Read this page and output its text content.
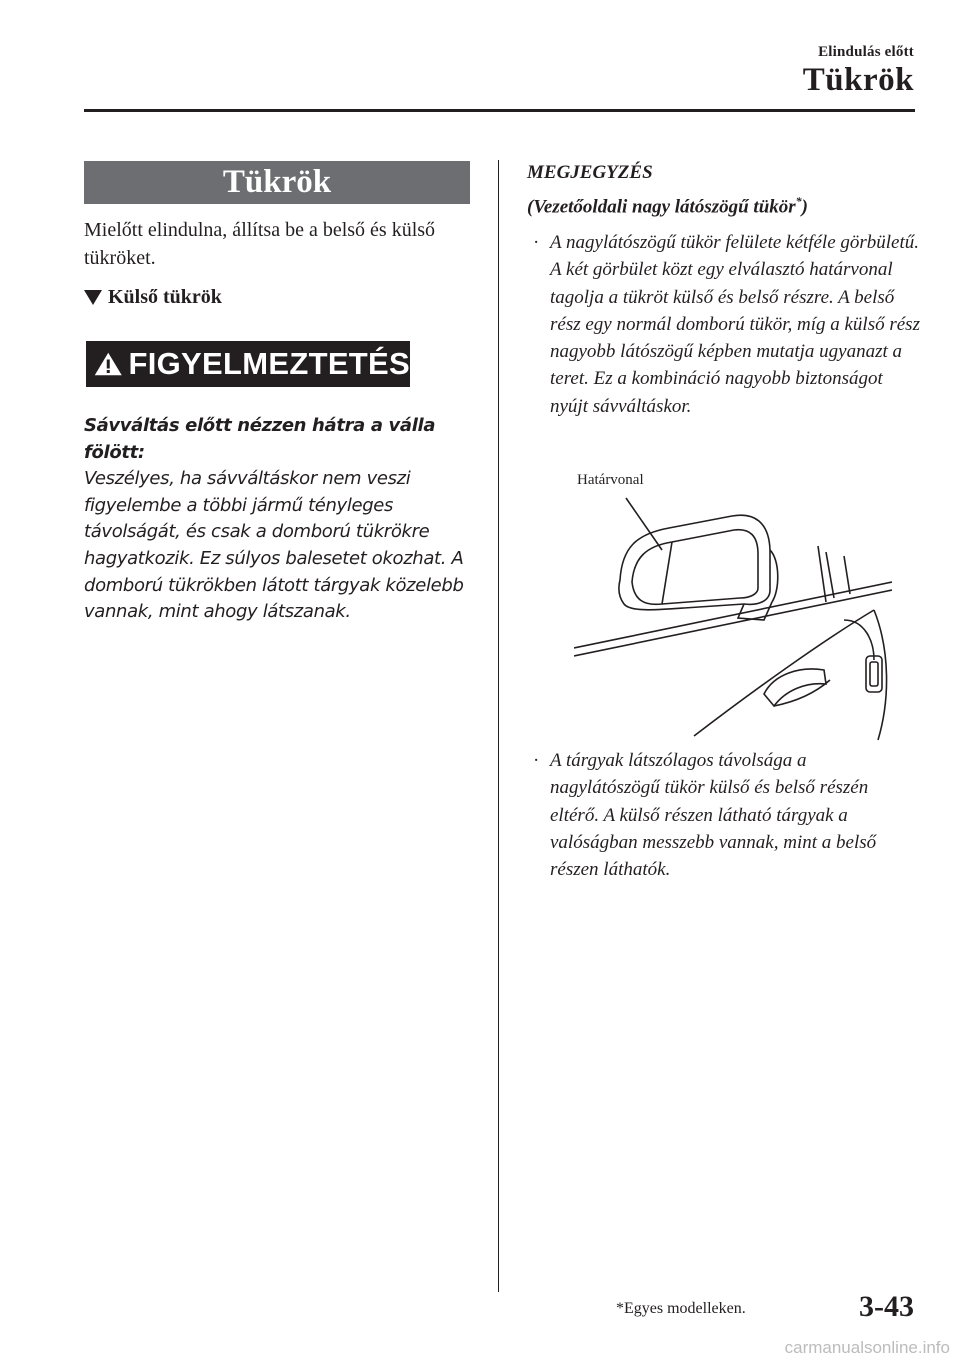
Elindulás előtt
Tükrök
Tükrök
Mielőtt elindulna, állítsa be a belső és külső tükröket.
Külső tükrök
FIGYELMEZTETÉS
Sávváltás előtt nézzen hátra a válla fölött:
Veszélyes, ha sávváltáskor nem veszi figyelembe a többi jármű tényleges távolságát, és csak a domború tükrökre hagyatkozik. Ez súlyos balesetet okozhat. A domború tükrökben látott tárgyak közelebb vannak, mint ahogy látszanak.
MEGJEGYZÉS
(Vezetőoldali nagy látószögű tükör*)
· A nagylátószögű tükör felülete kétféle görbületű. A két görbület közt egy elválasztó határvonal tagolja a tükröt külső és belső részre. A belső rész egy normál domború tükör, míg a külső rész nagyobb látószögű képben mutatja ugyanazt a teret. Ez a kombináció nagyobb biztonságot nyújt sávváltáskor.
Határvonal
· A tárgyak látszólagos távolsága a nagylátószögű tükör külső és belső részén eltérő. A külső részen látható tárgyak a valóságban messzebb vannak, mint a belső részen láthatók.
*Egyes modelleken.	3-43
carmanualsonline.info
